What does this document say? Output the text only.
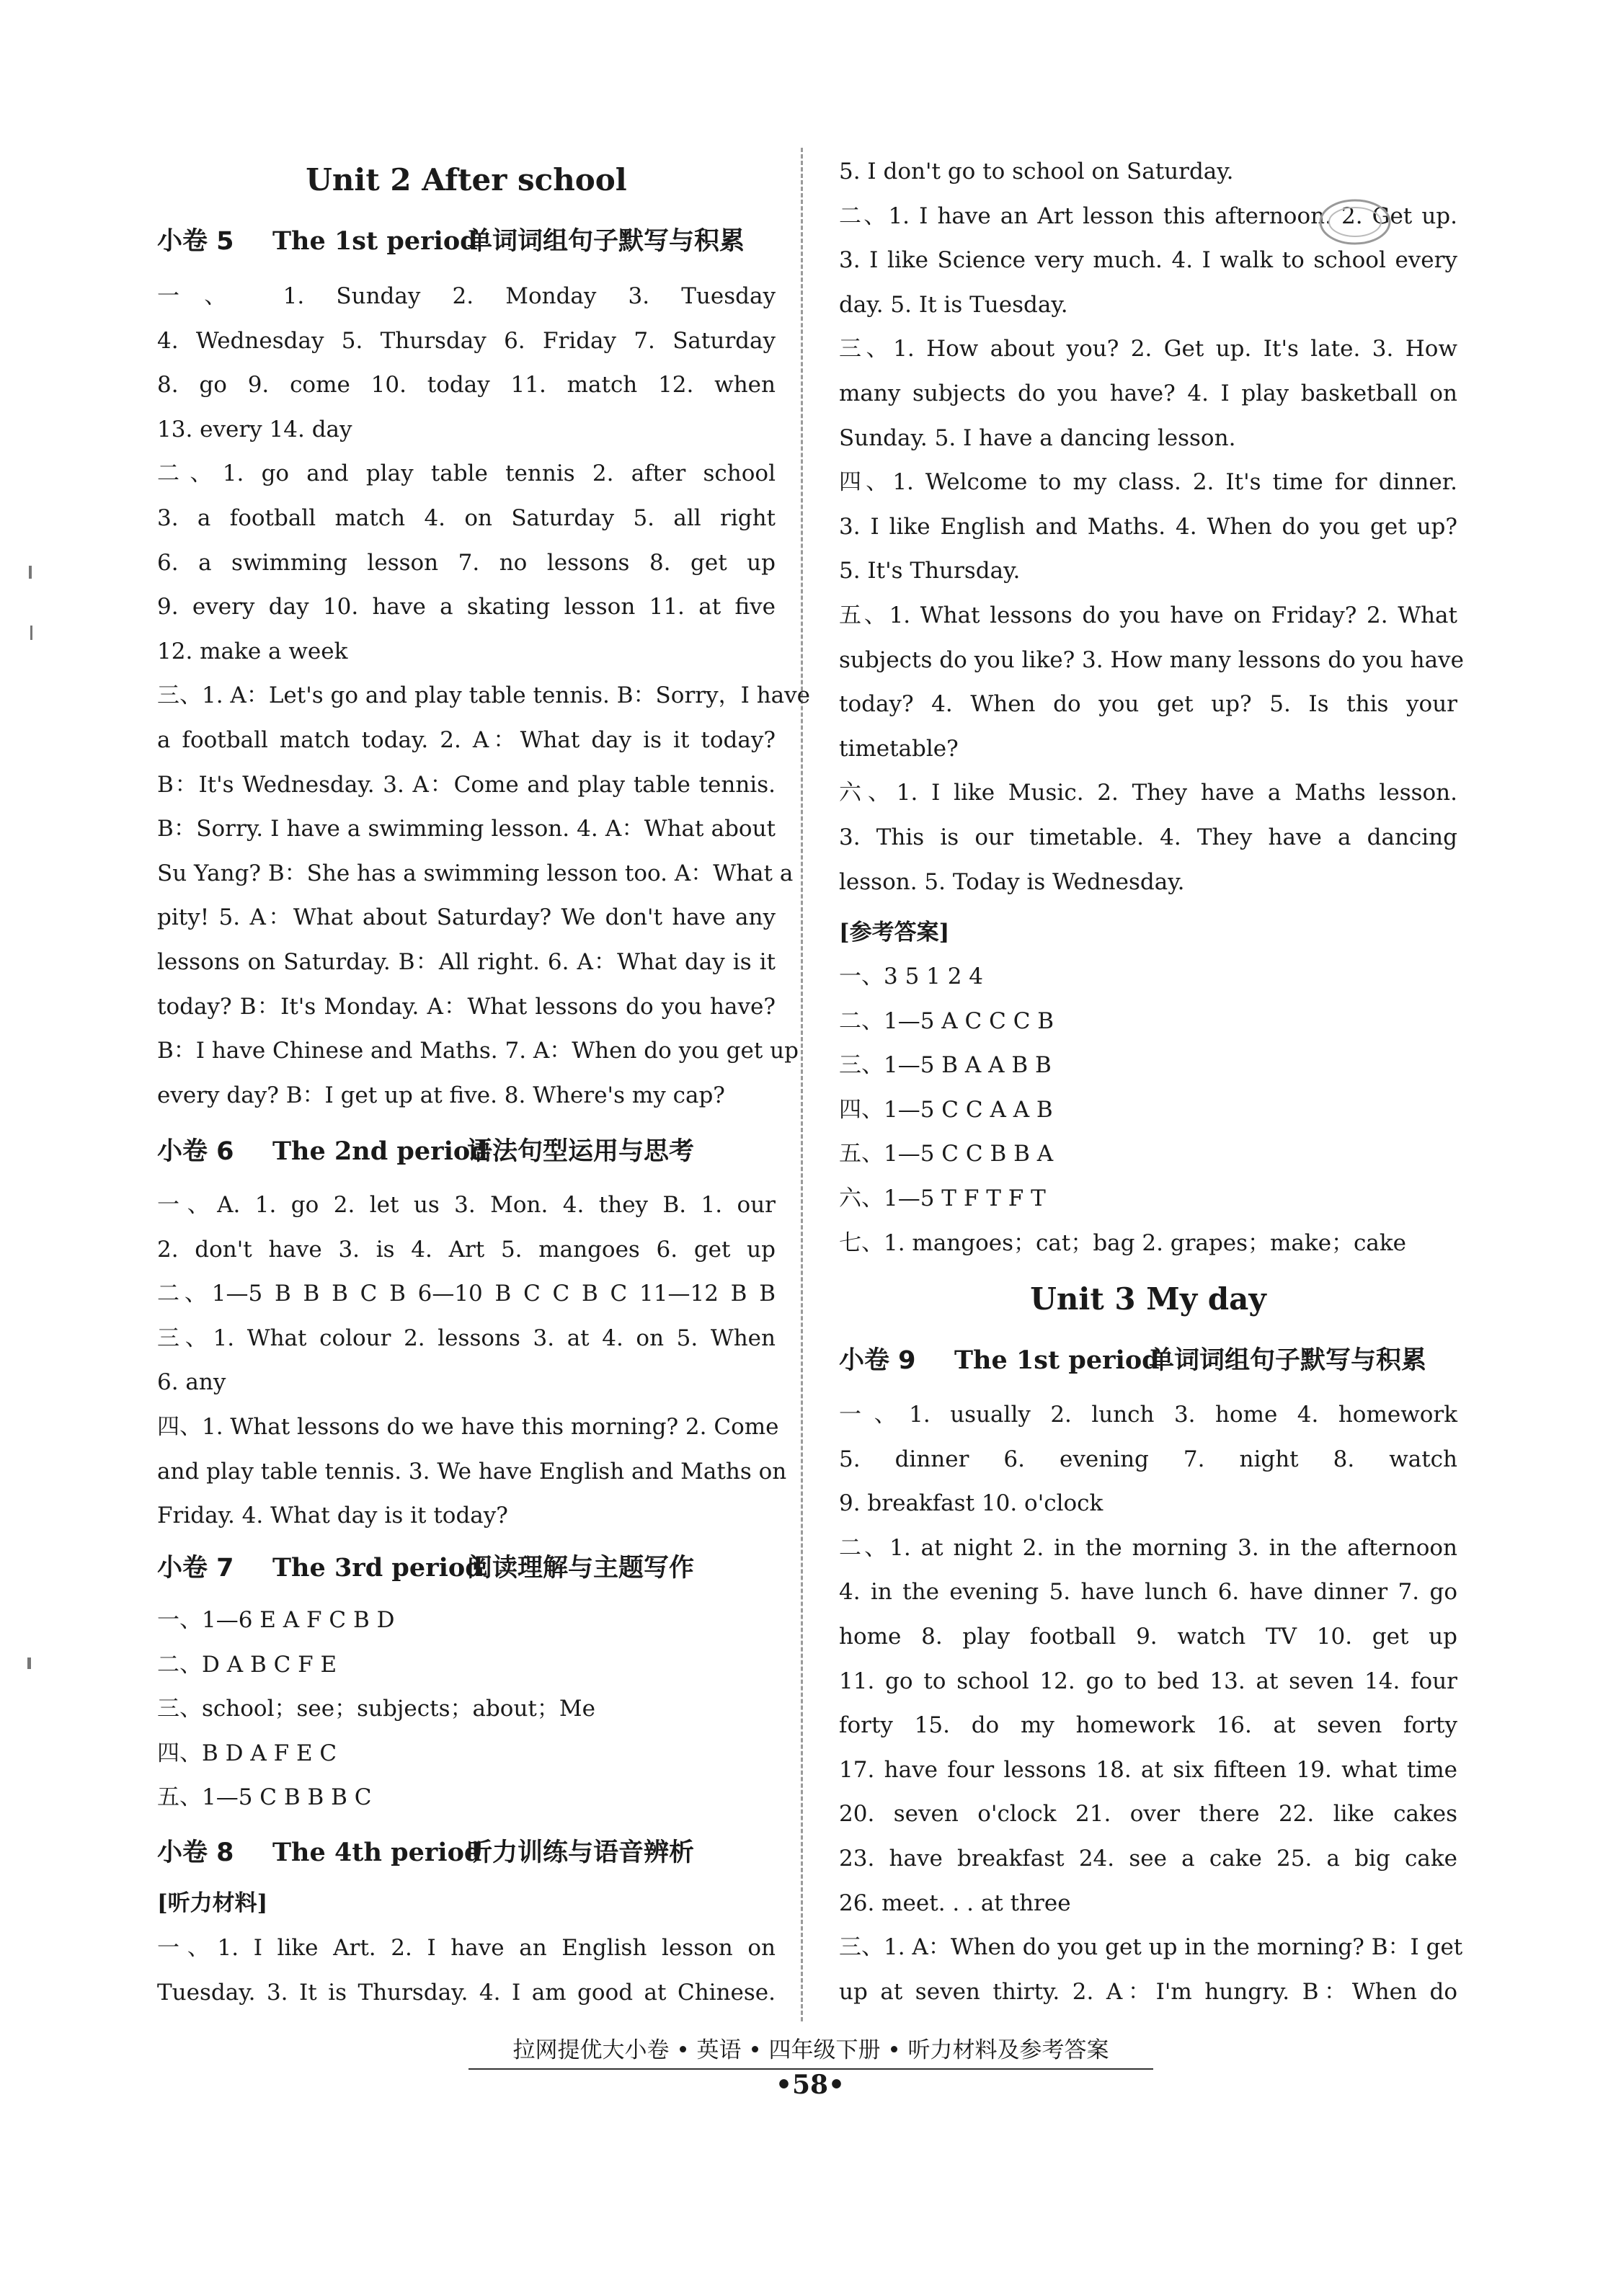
Unit 2 After school
小卷 5 The 1st period单词词组句子默写与积累
一、 1. Sunday 2. Monday 3. Tuesday
4. Wednesday 5. Thursday 6. Friday 7. Saturday
8. go 9. come 10. today 11. match 12. when
13. every 14. day
二、1. go and play table tennis 2. after school
3. a football match 4. on Saturday 5. all right
6. a swimming lesson 7. no lessons 8. get up
9. every day 10. have a skating lesson 11. at five
12. make a week
三、1. A：Let's go and play table tennis. B：Sorry，I have
a football match today. 2. A：What day is it today?
B：It's Wednesday. 3. A：Come and play table tennis.
B：Sorry. I have a swimming lesson. 4. A：What about
Su Yang? B：She has a swimming lesson too. A：What a
pity! 5. A：What about Saturday? We don't have any
lessons on Saturday. B：All right. 6. A：What day is it
today? B：It's Monday. A：What lessons do you have?
B：I have Chinese and Maths. 7. A：When do you get up
every day? B：I get up at five. 8. Where's my cap?
小卷 6 The 2nd period语法句型运用与思考
一、A. 1. go 2. let us 3. Mon. 4. they B. 1. our
2. don't have 3. is 4. Art 5. mangoes 6. get up
二、1—5 B B B C B 6—10 B C C B C 11—12 B B
三、1. What colour 2. lessons 3. at 4. on 5. When
6. any
四、1. What lessons do we have this morning? 2. Come
and play table tennis. 3. We have English and Maths on
Friday. 4. What day is it today?
小卷 7 The 3rd period阅读理解与主题写作
一、1—6 E A F C B D
二、D A B C F E
三、school；see；subjects；about；Me
四、B D A F E C
五、1—5 C B B B C
小卷 8 The 4th period听力训练与语音辨析
[听力材料]
一、1. I like Art. 2. I have an English lesson on
Tuesday. 3. It is Thursday. 4. I am good at Chinese.
5. I don't go to school on Saturday.
二、1. I have an Art lesson this afternoon. 2. Get up.
3. I like Science very much. 4. I walk to school every
day. 5. It is Tuesday.
三、1. How about you? 2. Get up. It's late. 3. How
many subjects do you have? 4. I play basketball on
Sunday. 5. I have a dancing lesson.
四、1. Welcome to my class. 2. It's time for dinner.
3. I like English and Maths. 4. When do you get up?
5. It's Thursday.
五、1. What lessons do you have on Friday? 2. What
subjects do you like? 3. How many lessons do you have
today? 4. When do you get up? 5. Is this your
timetable?
六、1. I like Music. 2. They have a Maths lesson.
3. This is our timetable. 4. They have a dancing
lesson. 5. Today is Wednesday.
[参考答案]
一、3 5 1 2 4
二、1—5 A C C C B
三、1—5 B A A B B
四、1—5 C C A A B
五、1—5 C C B B A
六、1—5 T F T F T
七、1. mangoes；cat；bag 2. grapes；make；cake
Unit 3 My day
小卷 9 The 1st period单词词组句子默写与积累
一、1. usually 2. lunch 3. home 4. homework
5. dinner 6. evening 7. night 8. watch
9. breakfast 10. o'clock
二、1. at night 2. in the morning 3. in the afternoon
4. in the evening 5. have lunch 6. have dinner 7. go
home 8. play football 9. watch TV 10. get up
11. go to school 12. go to bed 13. at seven 14. four
forty 15. do my homework 16. at seven forty
17. have four lessons 18. at six fifteen 19. what time
20. seven o'clock 21. over there 22. like cakes
23. have breakfast 24. see a cake 25. a big cake
26. meet. . . at three
三、1. A：When do you get up in the morning? B：I get
up at seven thirty. 2. A：I'm hungry. B：When do
拉网提优大小卷 • 英语 • 四年级下册 • 听力材料及参考答案
•58•
